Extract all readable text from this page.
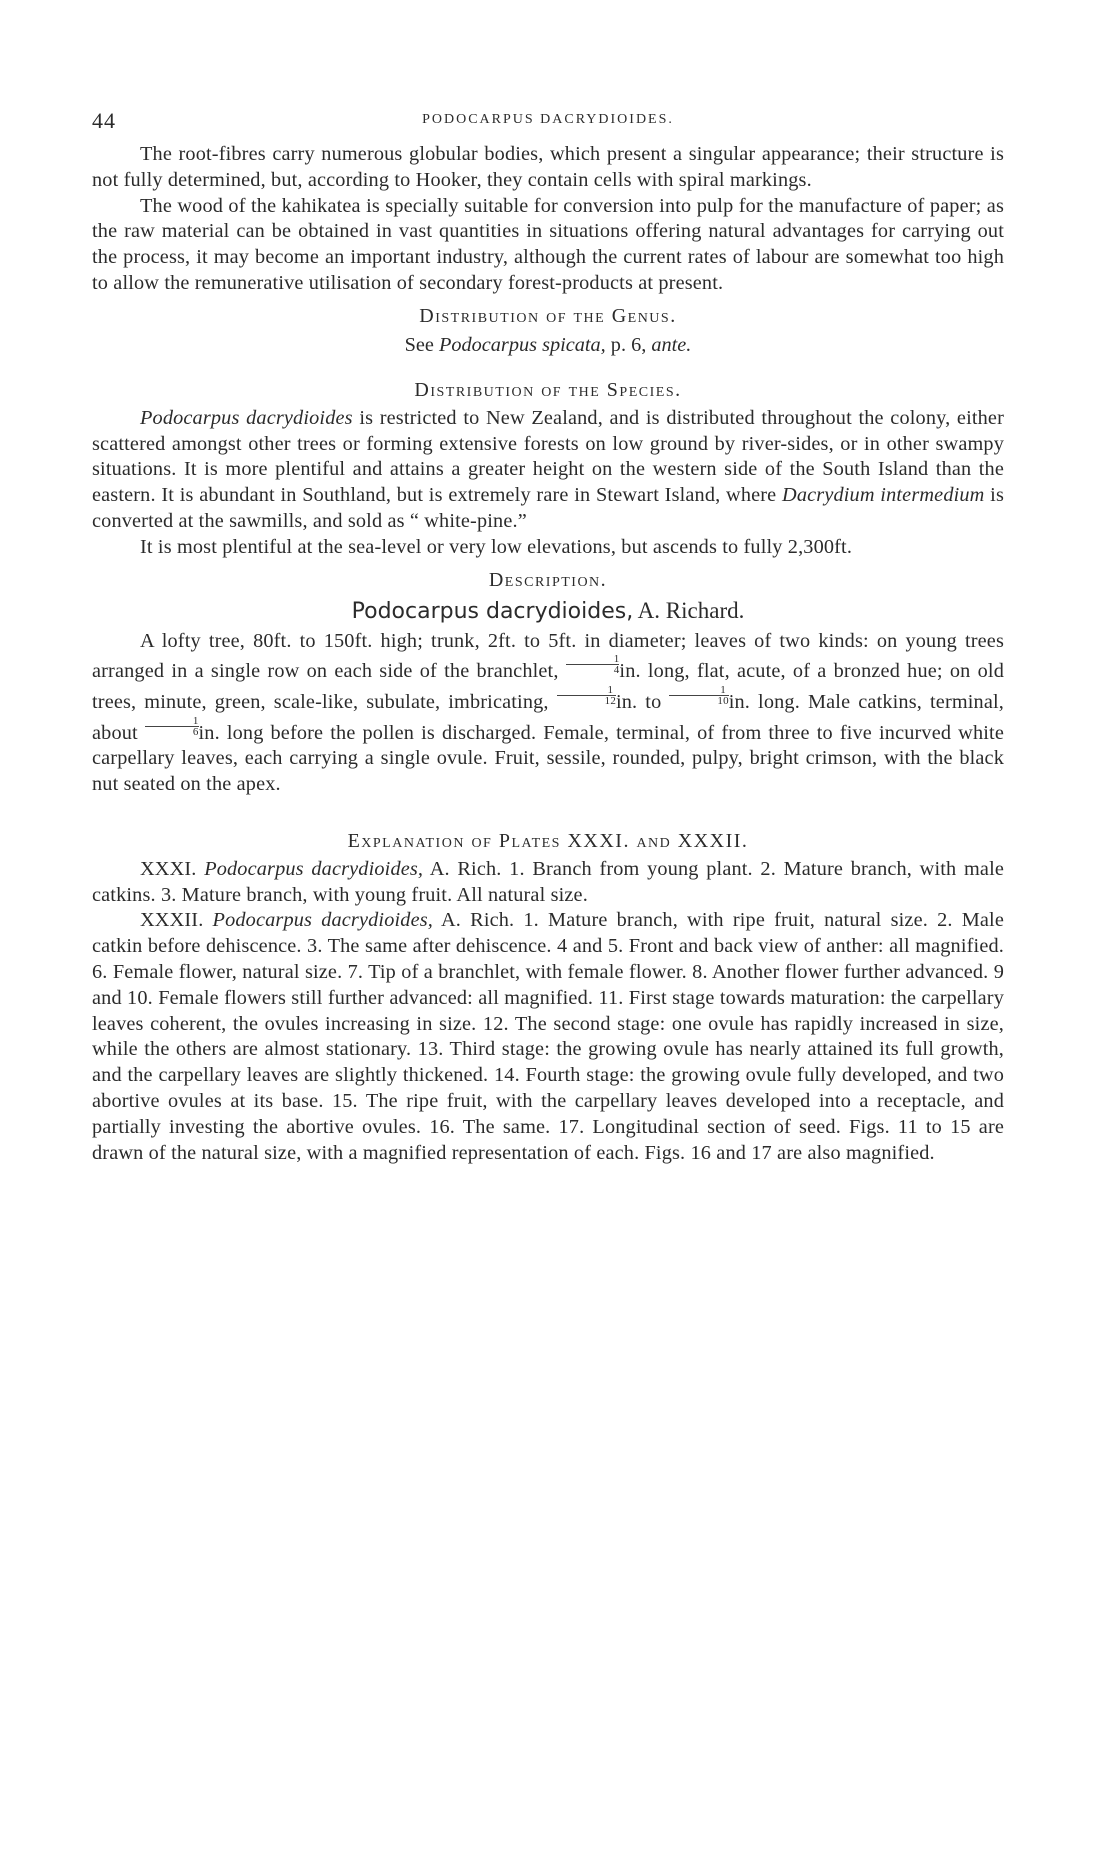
44	PODOCARPUS DACRYDIOIDES.

The root-fibres carry numerous globular bodies, which present a singular appearance; their structure is not fully determined, but, according to Hooker, they contain cells with spiral markings.

The wood of the kahikatea is specially suitable for conversion into pulp for the manufacture of paper; as the raw material can be obtained in vast quantities in situations offering natural advantages for carrying out the process, it may become an important industry, although the current rates of labour are somewhat too high to allow the remunerative utilisation of secondary forest-products at present.

Distribution of the Genus.
See Podocarpus spicata, p. 6, ante.
Distribution of the Species.

Podocarpus dacrydioides is restricted to New Zealand, and is distributed throughout the colony, either scattered amongst other trees or forming extensive forests on low ground by river-sides, or in other swampy situations. It is more plentiful and attains a greater height on the western side of the South Island than the eastern. It is abundant in Southland, but is extremely rare in Stewart Island, where Dacrydium intermedium is converted at the sawmills, and sold as “ white-pine.”

It is most plentiful at the sea-level or very low elevations, but ascends to fully 2,300ft.

Description.
Podocarpus dacrydioides, A. Richard.

A lofty tree, 80ft. to 150ft. high; trunk, 2ft. to 5ft. in diameter; leaves of two kinds: on young trees arranged in a single row on each side of the branchlet, $\frac{1}{4}$ in. long, flat, acute, of a bronzed hue; on old trees, minute, green, scale-like, subulate, imbricating, $\frac{1}{12}$ in. to $\frac{1}{10}$ in. long. Male catkins, terminal, about $\frac{1}{6}$ in. long before the pollen is discharged. Female, terminal, of from three to five incurved white carpellary leaves, each carrying a single ovule. Fruit, sessile, rounded, pulpy, bright crimson, with the black nut seated on the apex.

Explanation of Plates XXXI. and XXXII.

XXXI. Podocarpus dacrydioides, A. Rich. 1. Branch from young plant. 2. Mature branch, with male catkins. 3. Mature branch, with young fruit. All natural size.

XXXII. Podocarpus dacrydioides, A. Rich. 1. Mature branch, with ripe fruit, natural size. 2. Male catkin before dehiscence. 3. The same after dehiscence. 4 and 5. Front and back view of anther: all magnified. 6. Female flower, natural size. 7. Tip of a branchlet, with female flower. 8. Another flower further advanced. 9 and 10. Female flowers still further advanced: all magnified. 11. First stage towards maturation: the carpellary leaves coherent, the ovules increasing in size. 12. The second stage: one ovule has rapidly increased in size, while the others are almost stationary. 13. Third stage: the growing ovule has nearly attained its full growth, and the carpellary leaves are slightly thickened. 14. Fourth stage: the growing ovule fully developed, and two abortive ovules at its base. 15. The ripe fruit, with the carpellary leaves developed into a receptacle, and partially investing the abortive ovules. 16. The same. 17. Longitudinal section of seed. Figs. 11 to 15 are drawn of the natural size, with a magnified representation of each. Figs. 16 and 17 are also magnified.
